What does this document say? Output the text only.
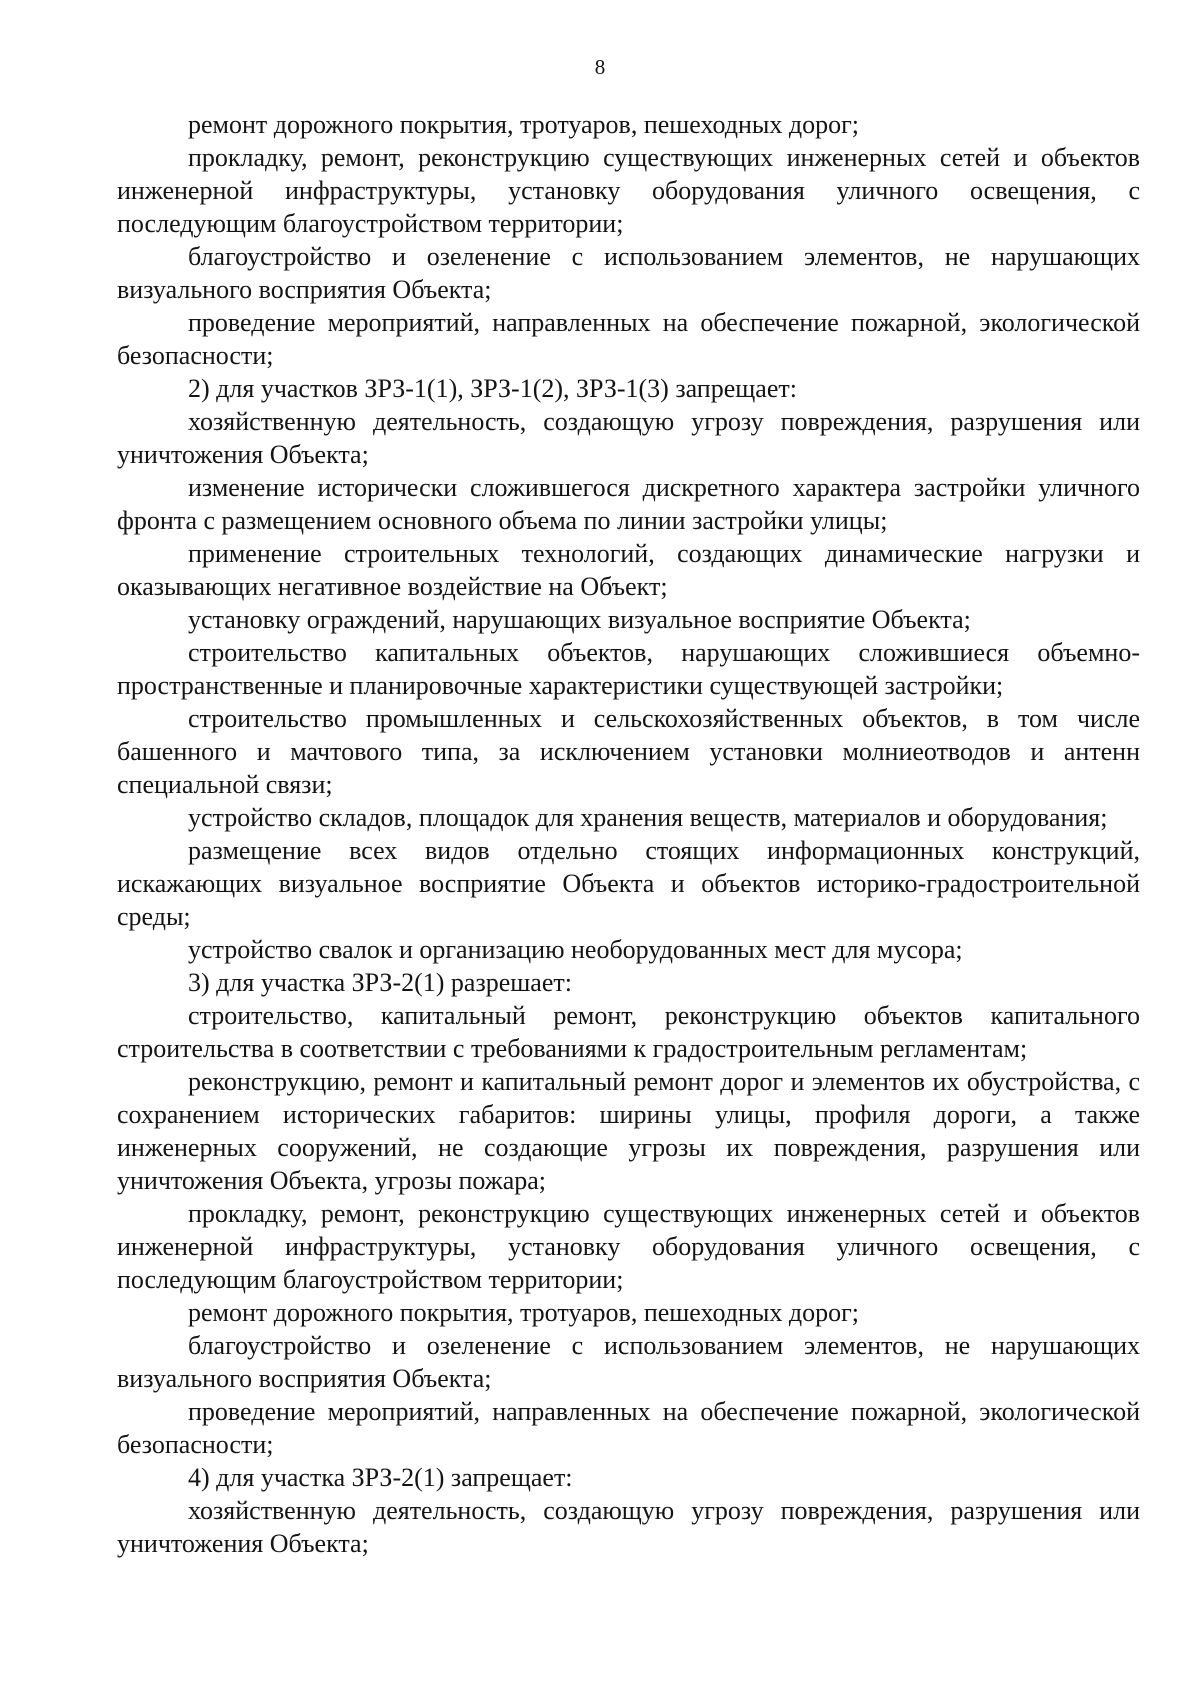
8

ремонт дорожного покрытия, тротуаров, пешеходных дорог;

прокладку, ремонт, реконструкцию существующих инженерных сетей и объектов инженерной инфраструктуры, установку оборудования уличного освещения, с последующим благоустройством территории;

благоустройство и озеленение с использованием элементов, не нарушающих визуального восприятия Объекта;

проведение мероприятий, направленных на обеспечение пожарной, экологической безопасности;

2) для участков ЗРЗ-1(1), ЗРЗ-1(2), ЗРЗ-1(3) запрещает:

хозяйственную деятельность, создающую угрозу повреждения, разрушения или уничтожения Объекта;

изменение исторически сложившегося дискретного характера застройки уличного фронта с размещением основного объема по линии застройки улицы;

применение строительных технологий, создающих динамические нагрузки и оказывающих негативное воздействие на Объект;

установку ограждений, нарушающих визуальное восприятие Объекта;

строительство капитальных объектов, нарушающих сложившиеся объемно-пространственные и планировочные характеристики существующей застройки;

строительство промышленных и сельскохозяйственных объектов, в том числе башенного и мачтового типа, за исключением установки молниеотводов и антенн специальной связи;

устройство складов, площадок для хранения веществ, материалов и оборудования;

размещение всех видов отдельно стоящих информационных конструкций, искажающих визуальное восприятие Объекта и объектов историко-градостроительной среды;

устройство свалок и организацию необорудованных мест для мусора;

3) для участка ЗРЗ-2(1) разрешает:

строительство, капитальный ремонт, реконструкцию объектов капитального строительства в соответствии с требованиями к градостроительным регламентам;

реконструкцию, ремонт и капитальный ремонт дорог и элементов их обустройства, с сохранением исторических габаритов: ширины улицы, профиля дороги, а также инженерных сооружений, не создающие угрозы их повреждения, разрушения или уничтожения Объекта, угрозы пожара;

прокладку, ремонт, реконструкцию существующих инженерных сетей и объектов инженерной инфраструктуры, установку оборудования уличного освещения, с последующим благоустройством территории;

ремонт дорожного покрытия, тротуаров, пешеходных дорог;

благоустройство и озеленение с использованием элементов, не нарушающих визуального восприятия Объекта;

проведение мероприятий, направленных на обеспечение пожарной, экологической безопасности;

4) для участка ЗРЗ-2(1) запрещает:

хозяйственную деятельность, создающую угрозу повреждения, разрушения или уничтожения Объекта;
